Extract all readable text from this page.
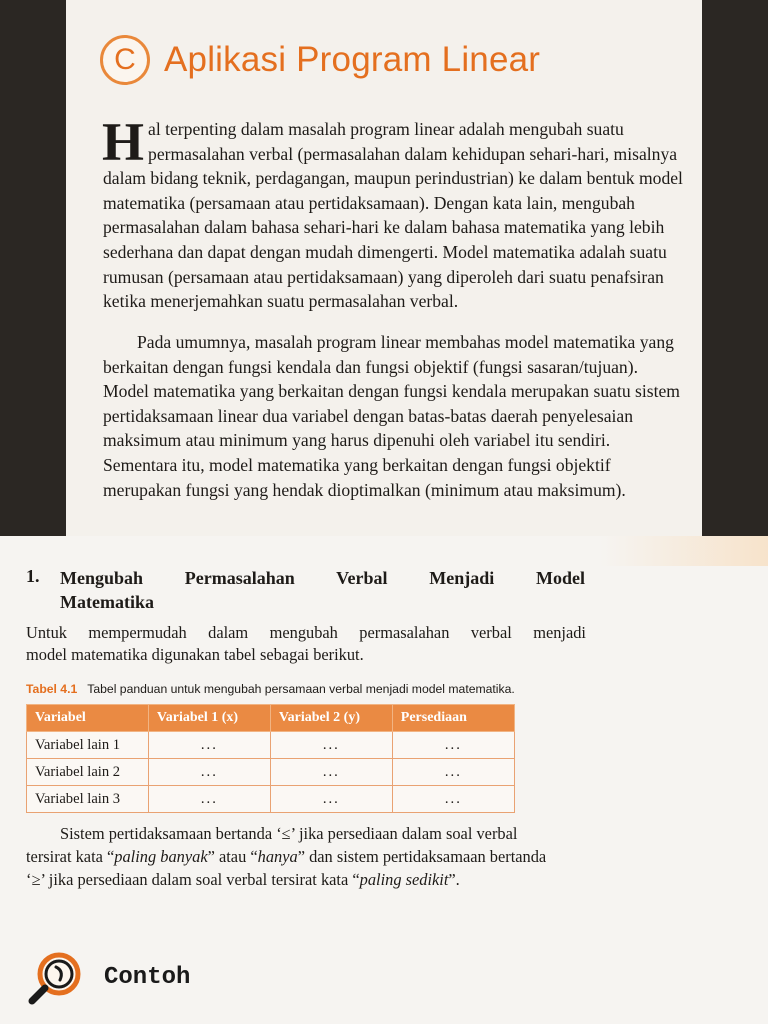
C Aplikasi Program Linear
Hal terpenting dalam masalah program linear adalah mengubah suatu permasalahan verbal (permasalahan dalam kehidupan sehari-hari, misalnya dalam bidang teknik, perdagangan, maupun perindustrian) ke dalam bentuk model matematika (persamaan atau pertidaksamaan). Dengan kata lain, mengubah permasalahan dalam bahasa sehari-hari ke dalam bahasa matematika yang lebih sederhana dan dapat dengan mudah dimengerti. Model matematika adalah suatu rumusan (persamaan atau pertidaksamaan) yang diperoleh dari suatu penafsiran ketika menerjemahkan suatu permasalahan verbal.
Pada umumnya, masalah program linear membahas model matematika yang berkaitan dengan fungsi kendala dan fungsi objektif (fungsi sasaran/tujuan). Model matematika yang berkaitan dengan fungsi kendala merupakan suatu sistem pertidaksamaan linear dua variabel dengan batas-batas daerah penyelesaian maksimum atau minimum yang harus dipenuhi oleh variabel itu sendiri. Sementara itu, model matematika yang berkaitan dengan fungsi objektif merupakan fungsi yang hendak dioptimalkan (minimum atau maksimum).
1. Mengubah Permasalahan Verbal Menjadi Model
Matematika
Untuk mempermudah dalam mengubah permasalahan verbal menjadi
model matematika digunakan tabel sebagai berikut.
Tabel 4.1 Tabel panduan untuk mengubah persamaan verbal menjadi model matematika.
Variabel	Variabel 1 (x)	Variabel 2 (y)	Persediaan
Variabel lain 1	...	...	...
Variabel lain 2	...	...	...
Variabel lain 3	...	...	...
Sistem pertidaksamaan bertanda ‘≤’ jika persediaan dalam soal verbal tersirat kata “paling banyak” atau “hanya” dan sistem pertidaksamaan bertanda ‘≥’ jika persediaan dalam soal verbal tersirat kata “paling sedikit”.
Contoh
